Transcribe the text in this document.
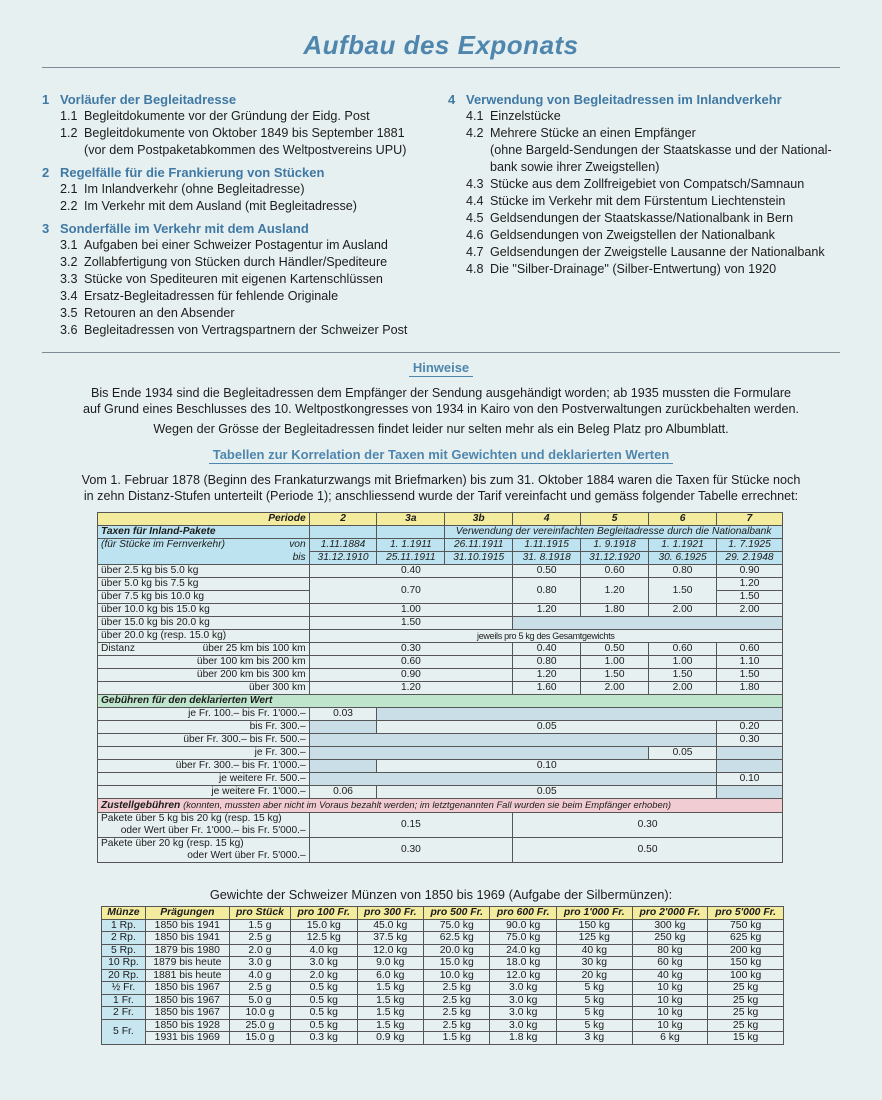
Aufbau des Exponats
1 Vorläufer der Begleitadresse
1.1 Begleitdokumente vor der Gründung der Eidg. Post
1.2 Begleitdokumente von Oktober 1849 bis September 1881
(vor dem Postpaketabkommen des Weltpostvereins UPU)
2 Regelfälle für die Frankierung von Stücken
2.1 Im Inlandverkehr (ohne Begleitadresse)
2.2 Im Verkehr mit dem Ausland (mit Begleitadresse)
3 Sonderfälle im Verkehr mit dem Ausland
3.1 Aufgaben bei einer Schweizer Postagentur im Ausland
3.2 Zollabfertigung von Stücken durch Händler/Spediteure
3.3 Stücke von Spediteuren mit eigenen Kartenschlüssen
3.4 Ersatz-Begleitadressen für fehlende Originale
3.5 Retouren an den Absender
3.6 Begleitadressen von Vertragspartnern der Schweizer Post
4 Verwendung von Begleitadressen im Inlandverkehr
4.1 Einzelstücke
4.2 Mehrere Stücke an einen Empfänger
(ohne Bargeld-Sendungen der Staatskasse und der National-
bank sowie ihrer Zweigstellen)
4.3 Stücke aus dem Zollfreigebiet von Compatsch/Samnaun
4.4 Stücke im Verkehr mit dem Fürstentum Liechtenstein
4.5 Geldsendungen der Staatskasse/Nationalbank in Bern
4.6 Geldsendungen von Zweigstellen der Nationalbank
4.7 Geldsendungen der Zweigstelle Lausanne der Nationalbank
4.8 Die "Silber-Drainage" (Silber-Entwertung) von 1920
Hinweise
Bis Ende 1934 sind die Begleitadressen dem Empfänger der Sendung ausgehändigt worden; ab 1935 mussten die Formulare
auf Grund eines Beschlusses des 10. Weltpostkongresses von 1934 in Kairo von den Postverwaltungen zurückbehalten werden.
Wegen der Grösse der Begleitadressen findet leider nur selten mehr als ein Beleg Platz pro Albumblatt.
Tabellen zur Korrelation der Taxen mit Gewichten und deklarierten Werten
Vom 1. Februar 1878 (Beginn des Frankaturzwangs mit Briefmarken) bis zum 31. Oktober 1884 waren die Taxen für Stücke noch
in zehn Distanz-Stufen unterteilt (Periode 1); anschliessend wurde der Tarif vereinfacht und gemäss folgender Tabelle errechnet:
Periode	2	3a	3b	4	5	6	7
Taxen für Inland-Pakete			Verwendung der vereinfachten Begleitadresse durch die Nationalbank				
(für Stücke im Fernverkehr) von	1.11.1884	1. 1.1911	26.11.1911	1.11.1915	1. 9.1918	1. 1.1921	1. 7.1925
bis	31.12.1910	25.11.1911	31.10.1915	31. 8.1918	31.12.1920	30. 6.1925	29. 2.1948
über 2.5 kg bis 5.0 kg	0.40			0.50	0.60	0.80	0.90
über 5.0 kg bis 7.5 kg	0.70			0.80	1.20	1.50	1.20
über 7.5 kg bis 10.0 kg							1.50
über 10.0 kg bis 15.0 kg	1.00			1.20	1.80	2.00	2.00
über 15.0 kg bis 20.0 kg	1.50						
über 20.0 kg (resp. 15.0 kg)	jeweils pro 5 kg des Gesamtgewichts						
Distanz über 25 km bis 100 km	0.30			0.40	0.50	0.60	0.60
über 100 km bis 200 km	0.60			0.80	1.00	1.00	1.10
über 200 km bis 300 km	0.90			1.20	1.50	1.50	1.50
über 300 km	1.20			1.60	2.00	2.00	1.80
Gebühren für den deklarierten Wert							
je Fr. 100.– bis Fr. 1'000.–	0.03						
bis Fr. 300.–		0.05					0.20
über Fr. 300.– bis Fr. 500.–							0.30
je Fr. 300.–						0.05	
über Fr. 300.– bis Fr. 1'000.–		0.10					
je weitere Fr. 500.–							0.10
je weitere Fr. 1'000.–	0.06	0.05					
Zustellgebühren (konnten, mussten aber nicht im Voraus bezahlt werden; im letztgenannten Fall wurden sie beim Empfänger erhoben)							

Pakete über 5 kg bis 20 kg (resp. 15 kg)
oder Wert über Fr. 1'000.– bis Fr. 5'000.–	0.15			0.30			

Pakete über 20 kg (resp. 15 kg)
oder Wert über Fr. 5'000.–	0.30			0.50			
Gewichte der Schweizer Münzen von 1850 bis 1969 (Aufgabe der Silbermünzen):
Münze	Prägungen	pro Stück	pro 100 Fr.	pro 300 Fr.	pro 500 Fr.	pro 600 Fr.	pro 1'000 Fr.	pro 2'000 Fr.	pro 5'000 Fr.
1 Rp.	1850 bis 1941	1.5 g	15.0 kg	45.0 kg	75.0 kg	90.0 kg	150 kg	300 kg	750 kg
2 Rp.	1850 bis 1941	2.5 g	12.5 kg	37.5 kg	62.5 kg	75.0 kg	125 kg	250 kg	625 kg
5 Rp.	1879 bis 1980	2.0 g	4.0 kg	12.0 kg	20.0 kg	24.0 kg	40 kg	80 kg	200 kg
10 Rp.	1879 bis heute	3.0 g	3.0 kg	9.0 kg	15.0 kg	18.0 kg	30 kg	60 kg	150 kg
20 Rp.	1881 bis heute	4.0 g	2.0 kg	6.0 kg	10.0 kg	12.0 kg	20 kg	40 kg	100 kg
½ Fr.	1850 bis 1967	2.5 g	0.5 kg	1.5 kg	2.5 kg	3.0 kg	5 kg	10 kg	25 kg
1 Fr.	1850 bis 1967	5.0 g	0.5 kg	1.5 kg	2.5 kg	3.0 kg	5 kg	10 kg	25 kg
2 Fr.	1850 bis 1967	10.0 g	0.5 kg	1.5 kg	2.5 kg	3.0 kg	5 kg	10 kg	25 kg
5 Fr.	1850 bis 1928	25.0 g	0.5 kg	1.5 kg	2.5 kg	3.0 kg	5 kg	10 kg	25 kg
	1931 bis 1969	15.0 g	0.3 kg	0.9 kg	1.5 kg	1.8 kg	3 kg	6 kg	15 kg
